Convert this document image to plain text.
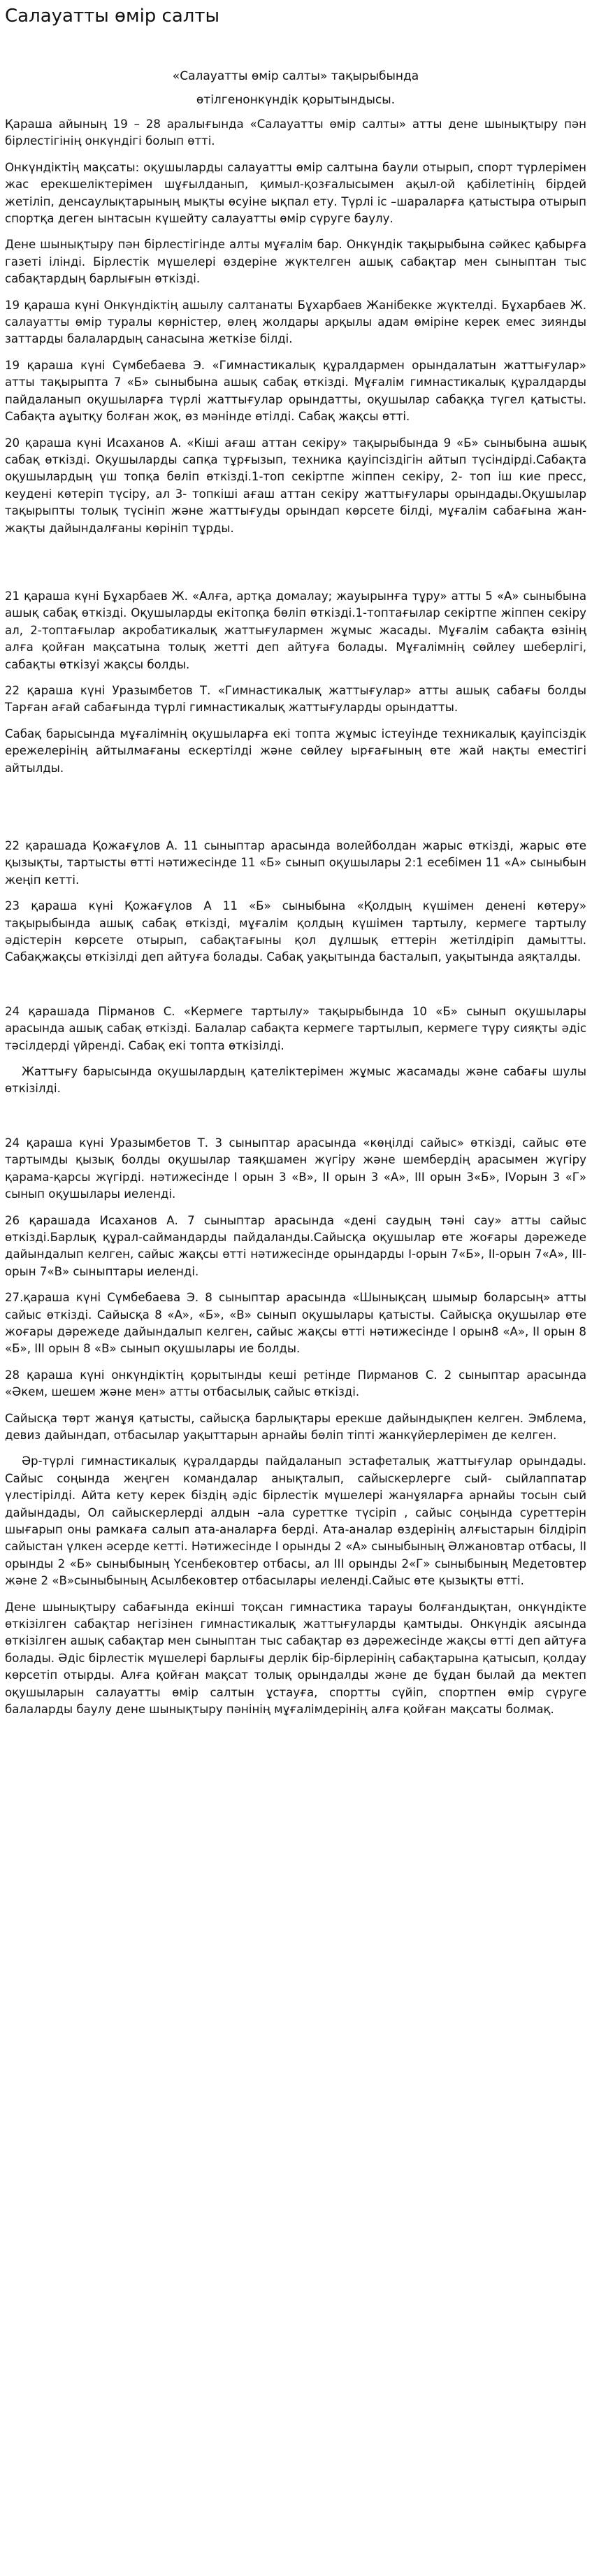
Салауатты өмір салты
«Салауатты өмір салты» тақырыбында
өтілгенонкүндік қорытындысы.

Қараша айының 19 – 28 аралығында «Салауатты өмір салты» атты дене шынықтыру пән бірлестігінің онкүндігі болып өтті.

Онкүндіктің мақсаты: оқушыларды салауатты өмір салтына баули отырып, спорт түрлерімен жас ерекшеліктерімен шұғылданып, қимыл-қозғалысымен ақыл-ой қабілетінің бірдей жетіліп, денсаулықтарының мықты өсуіне ықпал ету. Түрлі іс –шараларға қатыстыра отырып спортқа деген ынтасын күшейту салауатты өмір сүруге баулу.

Дене шынықтыру пән бірлестігінде алты мұғалім бар. Онкүндік тақырыбына сәйкес қабырға газеті ілінді. Бірлестік мүшелері өздеріне жүктелген ашық сабақтар мен сыныптан тыс сабақтардың барлығын өткізді.

19 қараша күні Онкүндіктің ашылу салтанаты Бұхарбаев Жанібекке жүктелді. Бұхарбаев Ж. салауатты өмір туралы көрністер, өлең жолдары арқылы адам өміріне керек емес зиянды заттарды балалардың санасына жеткізе білді.

19 қараша күні Сүмбебаева Э. «Гимнастикалық құралдармен орындалатын жаттығулар» атты тақырыпта 7 «Б» сыныбына ашық сабақ өткізді. Мұғалім гимнастикалық құралдарды пайдаланып оқушыларға түрлі жаттығулар орындатты, оқушылар сабаққа түгел қатысты. Сабақта аұытқу болған жоқ, өз мәнінде өтілді. Сабақ жақсы өтті.

20 қараша күні Исаханов А. «Кіші ағаш аттан секіру» тақырыбында 9 «Б» сыныбына ашық сабақ өткізді. Оқушыларды сапқа тұрғызып, техника қауіпсіздігін айтып түсіндірді.Сабақта оқушылардың үш топқа бөліп өткізді.1-топ секіртпе жіппен секіру, 2- топ іш кие пресс, кеудені көтеріп түсіру, ал 3- топкіші ағаш аттан секіру жаттығулары орындады.Оқушылар тақырыпты толық түсініп және жаттығуды орындап көрсете білді, мұғалім сабағына жан-жақты дайындалғаны көрініп тұрды.

21 қараша күні Бұхарбаев Ж. «Алға, артқа домалау; жауырынға тұру» атты 5 «А» сыныбына ашық сабақ өткізді. Оқушыларды екітопқа бөліп өткізді.1-топтағылар секіртпе жіппен секіру ал, 2-топтағылар акробатикалық жаттығулармен жұмыс жасады. Мұғалім сабақта өзінің алға қойған мақсатына толық жетті деп айтуға болады. Мұғалімнің сөйлеу шеберлігі, сабақты өткізуі жақсы болды.

22 қараша күні Уразымбетов Т. «Гимнастикалық жаттығулар» атты ашық сабағы болды Тарған ағай сабағында түрлі гимнастикалық жаттығуларды орындатты.

Сабақ барысында мұғалімнің оқушыларға екі топта жұмыс істеуінде техникалық қауіпсіздік ережелерінің айтылмағаны ескертілді және сөйлеу ырғағының өте жай нақты еместігі айтылды.

22 қарашада Қожағұлов А. 11 сыныптар арасында волейболдан жарыс өткізді, жарыс өте қызықты, тартысты өтті нәтижесінде 11 «Б» сынып оқушылары 2:1 есебімен 11 «А» сыныбын жеңіп кетті.

23 қараша күні Қожағұлов А 11 «Б» сыныбына «Қолдың күшімен денені көтеру» тақырыбында ашық сабақ өткізді, мұғалім қолдың күшімен тартылу, кермеге тартылу әдістерін көрсете отырып, сабақтағыны қол дұлшық еттерін жетілдіріп дамытты. Сабақжақсы өткізілді деп айтуға болады. Сабақ уақытында басталып, уақытында аяқталды.

24 қарашада Пірманов С. «Кермеге тартылу» тақырыбында 10 «Б» сынып оқушылары арасында ашық сабақ өткізді. Балалар сабақта кермеге тартылып, кермеге түру сияқты әдіс тәсілдерді үйренді. Сабақ екі топта өткізілді.

Жаттығу барысында оқушылардың қателіктерімен жұмыс жасамады және сабағы шулы өткізілді.

24 қараша күні Уразымбетов Т. 3 сыныптар арасында «көңілді сайыс» өткізді, сайыс өте тартымды қызық болды оқушылар таяқшамен жүгіру және шембердің арасымен жүгіру қарама-қарсы жүгірді. нәтижесінде І орын 3 «В», ІІ орын 3 «А», ІІІ орын 3«Б», ІVорын 3 «Г» сынып оқушылары иеленді.

26 қарашада Исаханов А. 7 сыныптар арасында «дені саудың тәні сау» атты сайыс өткізді.Барлық құрал-саймандарды пайдаланды.Сайысқа оқушылар өте жоғары дәрежеде дайындалып келген, сайыс жақсы өтті нәтижесінде орындарды І-орын 7«Б», ІІ-орын 7«А», ІІІ-орын 7«В» сыныптары иеленді.

27.қараша күні Сүмбебаева Э. 8 сыныптар арасында «Шынықсаң шымыр боларсың» атты сайыс өткізді. Сайысқа 8 «А», «Б», «В» сынып оқушылары қатысты. Сайысқа оқушылар өте жоғары дәрежеде дайындалып келген, сайыс жақсы өтті нәтижесінде І орын8 «А», ІІ орын 8 «Б», ІІІ орын 8 «В» сынып оқушылары ие болды.

28 қараша күні онкүндіктің қорытынды кеші ретінде Пирманов С. 2 сыныптар арасында «Әкем, шешем және мен» атты отбасылық сайыс өткізді.

Сайысқа төрт жанұя қатысты, сайысқа барлықтары ерекше дайындықпен келген. Эмблема, девиз дайындап, отбасылар уақыттарын арнайы бөліп тіпті жанкүйерлерімен де келген.

Әр-түрлі гимнастикалық құралдарды пайдаланып эстафеталық жаттығулар орындады. Сайыс соңында жеңген командалар анықталып, сайыскерлерге сый- сыйлаппатар үлестірілді. Айта кету керек біздің әдіс бірлестік мүшелері жанұяларға арнайы тосын сый дайындады, Ол сайыскерлерді алдын –ала суреттке түсіріп , сайыс соңында суреттерін шығарып оны рамкаға салып ата-аналарға берді. Ата-аналар өздерінің алғыстарын білдіріп сайыстан үлкен әсерде кетті. Нәтижесінде І орынды 2 «А» сыныбының Әлжановтар отбасы, ІІ орынды 2 «Б» сыныбының Үсенбековтер отбасы, ал ІІІ орынды 2«Г» сыныбының Медетовтер және 2 «В»сыныбының Асылбековтер отбасылары иеленді.Сайыс өте қызықты өтті.

Дене шынықтыру сабағында екінші тоқсан гимнастика тарауы болғандықтан, онкүндікте өткізілген сабақтар негізінен гимнастикалық жаттығуларды қамтыды. Онкүндік аясында өткізілген ашық сабақтар мен сыныптан тыс сабақтар өз дәрежесінде жақсы өтті деп айтуға болады. Әдіс бірлестік мүшелері барлығы дерлік бір-бірлерінің сабақтарына қатысып, қолдау көрсетіп отырды. Алға қойған мақсат толық орындалды және де бұдан былай да мектеп оқушыларын салауатты өмір салтын ұстауға, спортты сүйіп, спортпен өмір сүруге балаларды баулу дене шынықтыру пәнінің мұғалімдерінің алға қойған мақсаты болмақ.
